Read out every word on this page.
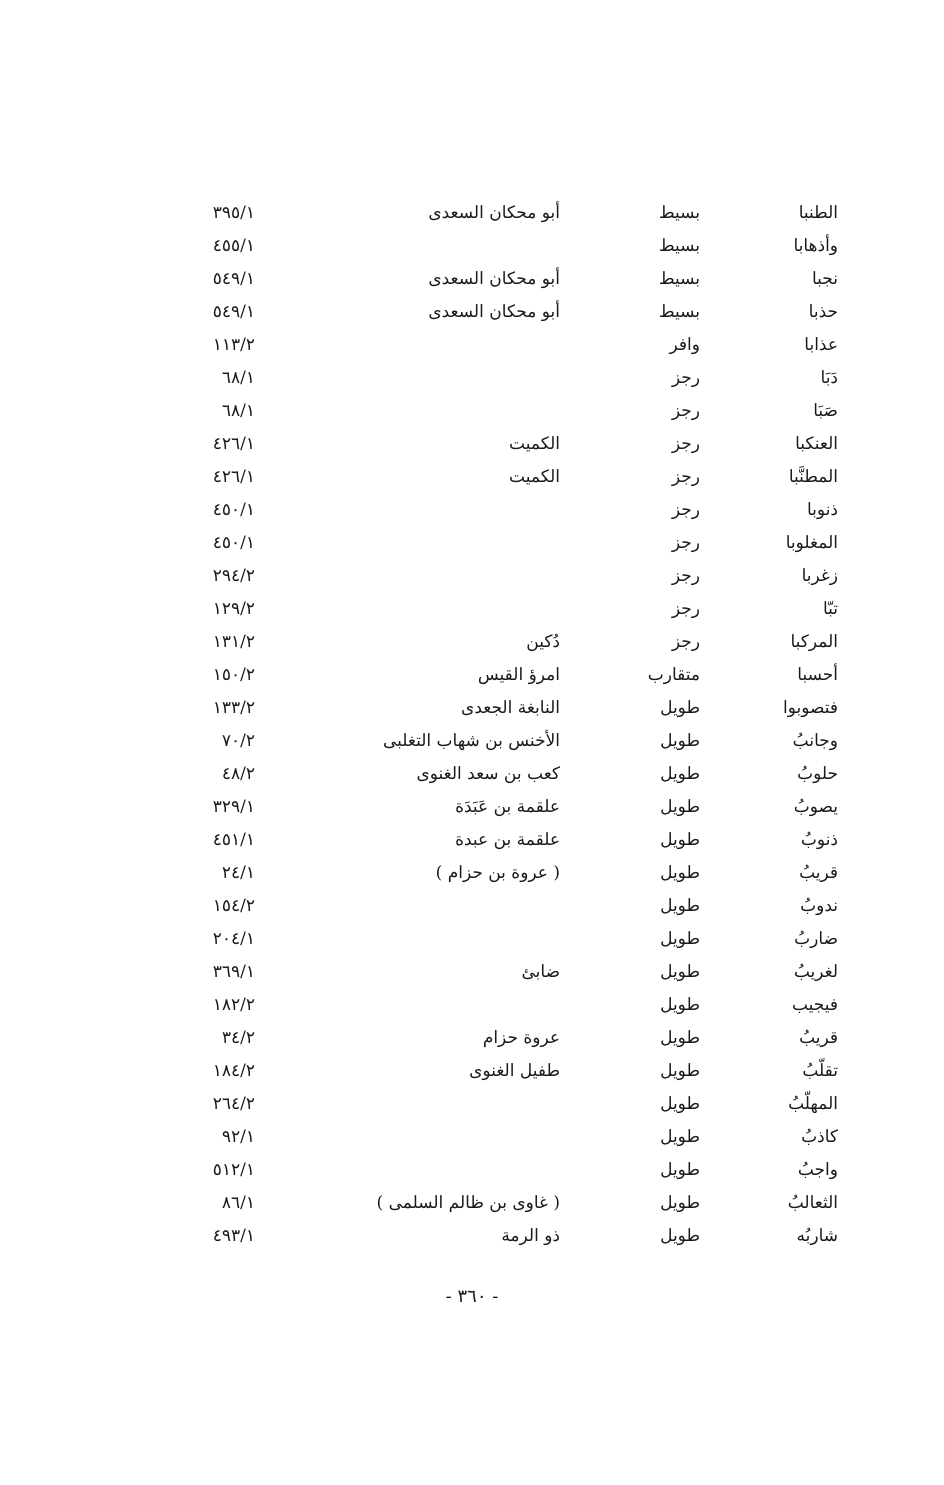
الطنبا
بسيط
أبو محكان السعدى
٣٩٥/١
وأذهابا
بسيط
٤٥٥/١
نجبا
بسيط
أبو محكان السعدى
٥٤٩/١
حذبا
بسيط
أبو محكان السعدى
٥٤٩/١
عذابا
وافر
١١٣/٢
دَبَا
رجز
٦٨/١
صَبَا
رجز
٦٨/١
العنكبا
رجز
الكميت
٤٢٦/١
المطنَّبا
رجز
الكميت
٤٢٦/١
ذنوبا
رجز
٤٥٠/١
المغلوبا
رجز
٤٥٠/١
زغربا
رجز
٢٩٤/٢
تبّا
رجز
١٢٩/٢
المركبا
رجز
دُكين
١٣١/٢
أحسبا
متقارب
امرؤ القيس
١٥٠/٢
فتصوبوا
طويل
النابغة الجعدى
١٣٣/٢
وجانبُ
طويل
الأخنس بن شهاب التغلبى
٧٠/٢
حلوبُ
طويل
كعب بن سعد الغنوى
٤٨/٢
يصوبُ
طويل
علقمة بن عَبَدَة
٣٢٩/١
ذنوبُ
طويل
علقمة بن عبدة
٤٥١/١
قريبُ
طويل
( عروة بن حزام )
٢٤/١
ندوبُ
طويل
١٥٤/٢
ضاربُ
طويل
٢٠٤/١
لغريبُ
طويل
ضابئ
٣٦٩/١
فيجيب
طويل
١٨٢/٢
قريبُ
طويل
عروة حزام
٣٤/٢
تقلّبُ
طويل
طفيل الغنوى
١٨٤/٢
المهلّبُ
طويل
٢٦٤/٢
كاذبُ
طويل
٩٢/١
واجبُ
طويل
٥١٢/١
الثعالبُ
طويل
( غاوى بن ظالم السلمى )
٨٦/١
شاربُه
طويل
ذو الرمة
٤٩٣/١
- ٣٦٠ -
